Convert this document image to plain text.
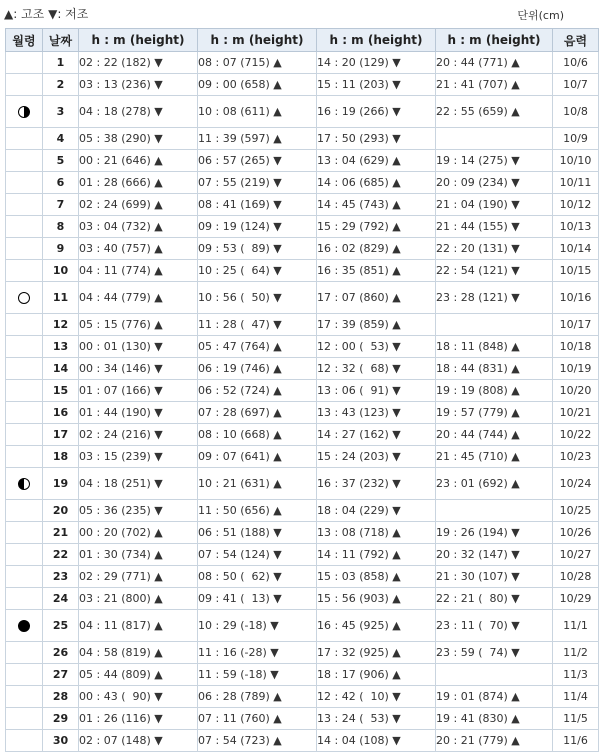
▲: 고조 ▼: 저조	단위(cm)
월령	날짜	h : m (height)	h : m (height)	h : m (height)	h : m (height)	음력
	1	02 : 22 (182) ▼	08 : 07 (715) ▲	14 : 20 (129) ▼	20 : 44 (771) ▲	10/6
	2	03 : 13 (236) ▼	09 : 00 (658) ▲	15 : 11 (203) ▼	21 : 41 (707) ▲	10/7
	3	04 : 18 (278) ▼	10 : 08 (611) ▲	16 : 19 (266) ▼	22 : 55 (659) ▲	10/8
	4	05 : 38 (290) ▼	11 : 39 (597) ▲	17 : 50 (293) ▼		10/9
	5	00 : 21 (646) ▲	06 : 57 (265) ▼	13 : 04 (629) ▲	19 : 14 (275) ▼	10/10
	6	01 : 28 (666) ▲	07 : 55 (219) ▼	14 : 06 (685) ▲	20 : 09 (234) ▼	10/11
	7	02 : 24 (699) ▲	08 : 41 (169) ▼	14 : 45 (743) ▲	21 : 04 (190) ▼	10/12
	8	03 : 04 (732) ▲	09 : 19 (124) ▼	15 : 29 (792) ▲	21 : 44 (155) ▼	10/13
	9	03 : 40 (757) ▲	09 : 53 (  89) ▼	16 : 02 (829) ▲	22 : 20 (131) ▼	10/14
	10	04 : 11 (774) ▲	10 : 25 (  64) ▼	16 : 35 (851) ▲	22 : 54 (121) ▼	10/15
	11	04 : 44 (779) ▲	10 : 56 (  50) ▼	17 : 07 (860) ▲	23 : 28 (121) ▼	10/16
	12	05 : 15 (776) ▲	11 : 28 (  47) ▼	17 : 39 (859) ▲		10/17
	13	00 : 01 (130) ▼	05 : 47 (764) ▲	12 : 00 (  53) ▼	18 : 11 (848) ▲	10/18
	14	00 : 34 (146) ▼	06 : 19 (746) ▲	12 : 32 (  68) ▼	18 : 44 (831) ▲	10/19
	15	01 : 07 (166) ▼	06 : 52 (724) ▲	13 : 06 (  91) ▼	19 : 19 (808) ▲	10/20
	16	01 : 44 (190) ▼	07 : 28 (697) ▲	13 : 43 (123) ▼	19 : 57 (779) ▲	10/21
	17	02 : 24 (216) ▼	08 : 10 (668) ▲	14 : 27 (162) ▼	20 : 44 (744) ▲	10/22
	18	03 : 15 (239) ▼	09 : 07 (641) ▲	15 : 24 (203) ▼	21 : 45 (710) ▲	10/23
	19	04 : 18 (251) ▼	10 : 21 (631) ▲	16 : 37 (232) ▼	23 : 01 (692) ▲	10/24
	20	05 : 36 (235) ▼	11 : 50 (656) ▲	18 : 04 (229) ▼		10/25
	21	00 : 20 (702) ▲	06 : 51 (188) ▼	13 : 08 (718) ▲	19 : 26 (194) ▼	10/26
	22	01 : 30 (734) ▲	07 : 54 (124) ▼	14 : 11 (792) ▲	20 : 32 (147) ▼	10/27
	23	02 : 29 (771) ▲	08 : 50 (  62) ▼	15 : 03 (858) ▲	21 : 30 (107) ▼	10/28
	24	03 : 21 (800) ▲	09 : 41 (  13) ▼	15 : 56 (903) ▲	22 : 21 (  80) ▼	10/29
	25	04 : 11 (817) ▲	10 : 29 (-18) ▼	16 : 45 (925) ▲	23 : 11 (  70) ▼	11/1
	26	04 : 58 (819) ▲	11 : 16 (-28) ▼	17 : 32 (925) ▲	23 : 59 (  74) ▼	11/2
	27	05 : 44 (809) ▲	11 : 59 (-18) ▼	18 : 17 (906) ▲		11/3
	28	00 : 43 (  90) ▼	06 : 28 (789) ▲	12 : 42 (  10) ▼	19 : 01 (874) ▲	11/4
	29	01 : 26 (116) ▼	07 : 11 (760) ▲	13 : 24 (  53) ▼	19 : 41 (830) ▲	11/5
	30	02 : 07 (148) ▼	07 : 54 (723) ▲	14 : 04 (108) ▼	20 : 21 (779) ▲	11/6
